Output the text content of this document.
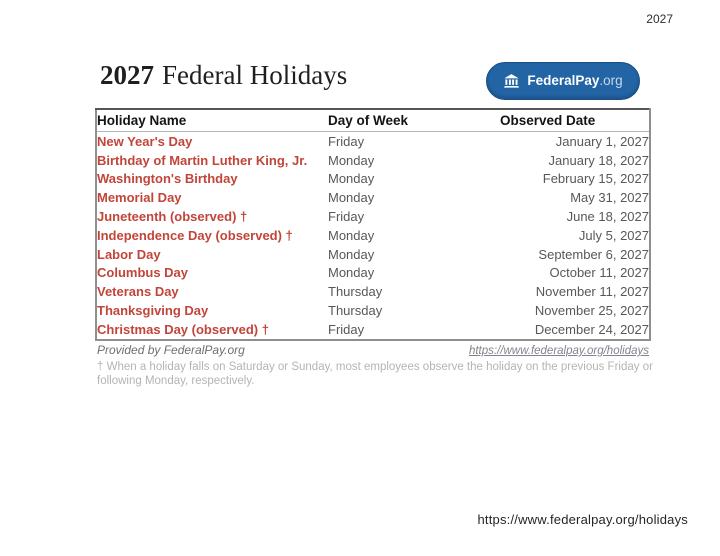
2027
2027 Federal Holidays	FederalPay.org
Holiday Name	Day of Week	Observed Date
New Year's Day	Friday	January 1, 2027
Birthday of Martin Luther King, Jr.	Monday	January 18, 2027
Washington's Birthday	Monday	February 15, 2027
Memorial Day	Monday	May 31, 2027
Juneteenth (observed) †	Friday	June 18, 2027
Independence Day (observed) †	Monday	July 5, 2027
Labor Day	Monday	September 6, 2027
Columbus Day	Monday	October 11, 2027
Veterans Day	Thursday	November 11, 2027
Thanksgiving Day	Thursday	November 25, 2027
Christmas Day (observed) †	Friday	December 24, 2027
Provided by FederalPay.org	https://www.federalpay.org/holidays
† When a holiday falls on Saturday or Sunday, most employees observe the holiday on the previous Friday or following Monday, respectively.
https://www.federalpay.org/holidays
